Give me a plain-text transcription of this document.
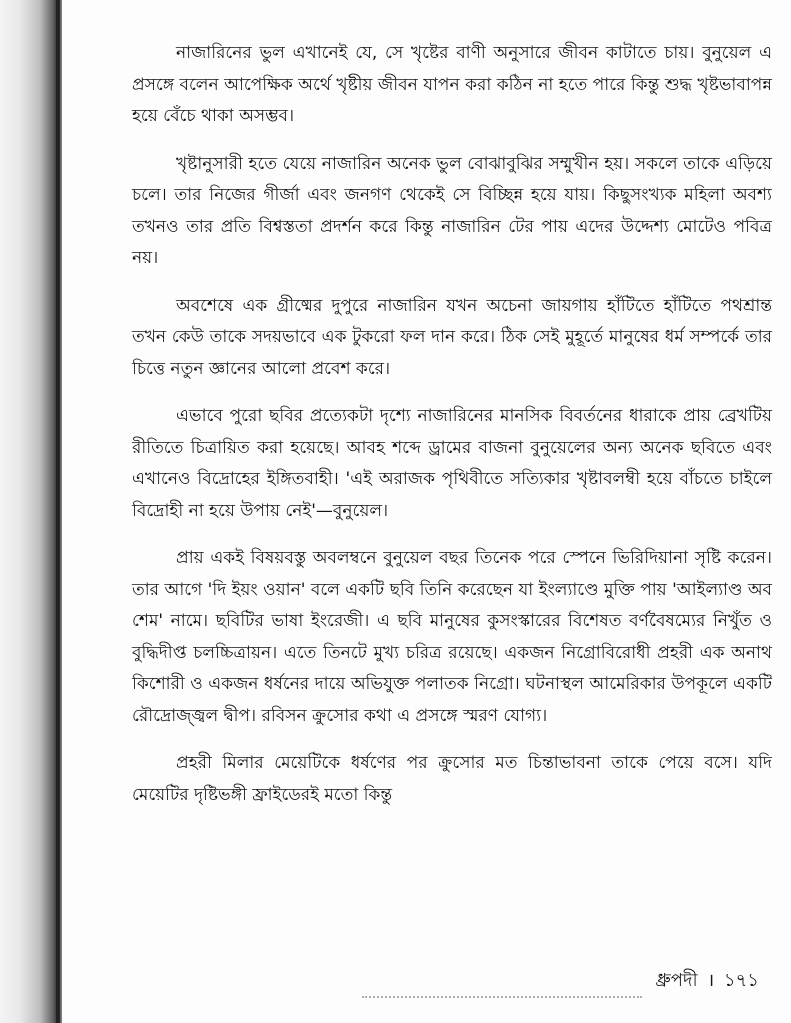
নাজারিনের ভুল এখানেই যে, সে খৃষ্টের বাণী অনুসারে জীবন কাটাতে চায়। বুনুয়েল এ প্রসঙ্গে বলেন আপেক্ষিক অর্থে খৃষ্টীয় জীবন যাপন করা কঠিন না হতে পারে কিন্তু শুদ্ধ খৃষ্টভাবাপন্ন হয়ে বেঁচে থাকা অসম্ভব।

খৃষ্টানুসারী হতে যেয়ে নাজারিন অনেক ভুল বোঝাবুঝির সম্মুখীন হয়। সকলে তাকে এড়িয়ে চলে। তার নিজের গীর্জা এবং জনগণ থেকেই সে বিচ্ছিন্ন হয়ে যায়। কিছুসংখ্যক মহিলা অবশ্য তখনও তার প্রতি বিশ্বস্ততা প্রদর্শন করে কিন্তু নাজারিন টের পায় এদের উদ্দেশ্য মোটেও পবিত্র নয়।

অবশেষে এক গ্রীষ্মের দুপুরে নাজারিন যখন অচেনা জায়গায় হাঁটিতে হাঁটিতে পথশ্রান্ত তখন কেউ তাকে সদয়ভাবে এক টুকরো ফল দান করে। ঠিক সেই মুহূর্তে মানুষের ধর্ম সম্পর্কে তার চিত্তে নতুন জ্ঞানের আলো প্রবেশ করে।

এভাবে পুরো ছবির প্রত্যেকটা দৃশ্যে নাজারিনের মানসিক বিবর্তনের ধারাকে প্রায় ব্রেখটিয় রীতিতে চিত্রায়িত করা হয়েছে। আবহ শব্দে ড্রামের বাজনা বুনুয়েলের অন্য অনেক ছবিতে এবং এখানেও বিদ্রোহের ইঙ্গিতবাহী। 'এই অরাজক পৃথিবীতে সত্যিকার খৃষ্টাবলম্বী হয়ে বাঁচতে চাইলে বিদ্রোহী না হয়ে উপায় নেই'—বুনুয়েল।

প্রায় একই বিষয়বস্তু অবলম্বনে বুনুয়েল বছর তিনেক পরে স্পেনে ভিরিদিয়ানা সৃষ্টি করেন। তার আগে 'দি ইয়ং ওয়ান' বলে একটি ছবি তিনি করেছেন যা ইংল্যাণ্ডে মুক্তি পায় 'আইল্যাণ্ড অব শেম' নামে। ছবিটির ভাষা ইংরেজী। এ ছবি মানুষের কুসংস্কারের বিশেষত বর্ণবৈষম্যের নিখুঁত ও বুদ্ধিদীপ্ত চলচ্চিত্রায়ন। এতে তিনটে মুখ্য চরিত্র রয়েছে। একজন নিগ্রোবিরোধী প্রহরী এক অনাথ কিশোরী ও একজন ধর্ষনের দায়ে অভিযুক্ত পলাতক নিগ্রো। ঘটনাস্থল আমেরিকার উপকূলে একটি রৌদ্রোজ্জ্বল দ্বীপ। রবিসন ক্রুসোর কথা এ প্রসঙ্গে স্মরণ যোগ্য।

প্রহরী মিলার মেয়েটিকে ধর্ষণের পর ক্রুসোর মত চিন্তাভাবনা তাকে পেয়ে বসে। যদি মেয়েটির দৃষ্টিভঙ্গী ফ্রাইডেরই মতো কিন্তু

ধ্রুপদী । ১৭১
